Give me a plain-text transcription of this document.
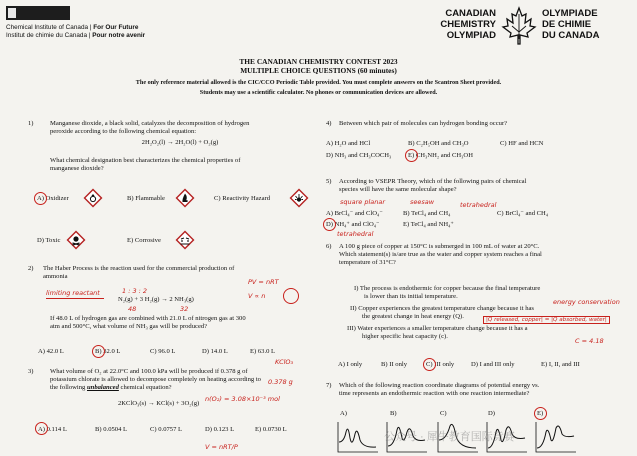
Chemical Institute of Canada | For Our Future
Institut de chimie du Canada | Pour notre avenir
CANADIAN
CHEMISTRY
OLYMPIAD
OLYMPIADE
DE CHIMIE
DU CANADA
THE CANADIAN CHEMISTRY CONTEST 2023
MULTIPLE CHOICE QUESTIONS (60 minutes)
The only reference material allowed is the CIC/CCO Periodic Table provided. You must complete answers on the Scantron Sheet provided.
Students may use a scientific calculator. No phones or communication devices are allowed.
1)	Manganese dioxide, a black solid, catalyzes the decomposition of hydrogen
peroxide according to the following chemical equation:
2H₂O₂(l) → 2H₂O(l) + O₂(g)
What chemical designation best characterizes the chemical properties of
manganese dioxide?
A) Oxidizer	B) Flammable	C) Reactivity Hazard
D) Toxic	E) Corrosive
2)	The Haber Process is the reaction used for the commercial production of
ammonia
N₂(g) + 3 H₂(g) → 2 NH₃(g)
If 48.0 L of hydrogen gas are combined with 21.0 L of nitrogen gas at 300
atm and 500°C, what volume of NH₃ gas will be produced?
A) 42.0 L	B) 32.0 L	C) 96.0 L	D) 14.0 L	E) 63.0 L
3)	What volume of O₂ at 22.0°C and 100.0 kPa will be produced if 0.378 g of
potassium chlorate is allowed to decompose completely on heating according to
the following unbalanced chemical equation?
2KClO₃(s) → KCl(s) + 3O₂(g)
A) 0.114 L	B) 0.0504 L	C) 0.0757 L	D) 0.123 L	E) 0.0730 L
4) Between which pair of molecules can hydrogen bonding occur?
A) H₂O and HCl	B) C₂H₅OH and CH₃O	C) HF and HCN
D) NH₃ and CH₃COCH₃	E) CH₃NH₂ and CH₃OH
5) According to VSEPR Theory, which of the following pairs of chemical
species will have the same molecular shape?
A) BrCl₄⁻ and ClO₄⁻	B) TeCl₄ and CH₄	C) BrCl₄⁻ and CH₄
D) NH₄⁺ and ClO₄⁻	E) TeCl₄ and NH₄⁺
6) A 100 g piece of copper at 150°C is submerged in 100 mL of water at 20°C.
Which statement(s) is/are true as the water and copper system reaches a final
temperature of 31°C?
I) The process is endothermic for copper because the final temperature
is lower than its initial temperature.
II) Copper experiences the greatest temperature change because it has
the greatest change in heat energy (Q).
III) Water experiences a smaller temperature change because it has a
higher specific heat capacity (c).
A) I only	B) II only	C) III only	D) I and III only	E) I, II, and III
7) Which of the following reaction coordinate diagrams of potential energy vs.
time represents an endothermic reaction with one reaction intermediate?
A)	B)	C)	D)	E)
limiting reactant	1 : 3 : 2
PV = nRT
V ∝ n
48	32
KClO₃
0.378 g
n(O₂) = 3.08×10⁻³ mol
V = nRT/P
square planar	seesaw	tetrahedral
tetrahedral
energy conservation
|Q released, copper| = |Q absorbed, water|
C = 4.18
公众号 · 犀牛教育国际竞赛
